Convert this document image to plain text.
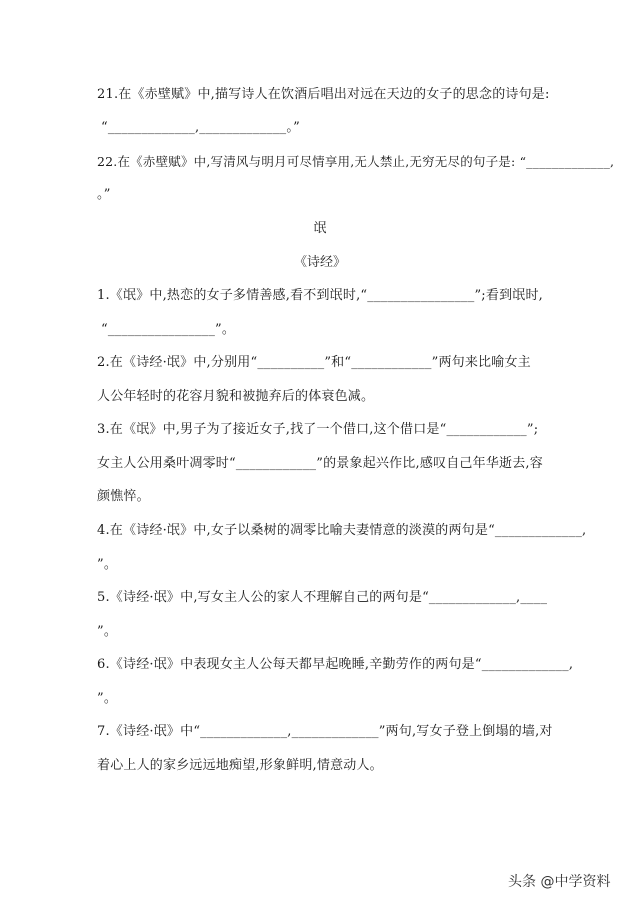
21.在《赤壁赋》中,描写诗人在饮酒后唱出对远在天边的女子的思念的诗句是:
“_____________,_____________。”
22.在《赤壁赋》中,写清风与明月可尽情享用,无人禁止,无穷无尽的句子是: “_____________,
。”
氓
《诗经》
1.《氓》中,热恋的女子多情善感,看不到氓时,“________________”;看到氓时,
“________________”。
2.在《诗经·氓》中,分别用“__________”和“____________”两句来比喻女主
人公年轻时的花容月貌和被抛弃后的体衰色减。
3.在《氓》中,男子为了接近女子,找了一个借口,这个借口是“____________”;
女主人公用桑叶凋零时“____________”的景象起兴作比,感叹自己年华逝去,容
颜憔悴。
4.在《诗经·氓》中,女子以桑树的凋零比喻夫妻情意的淡漠的两句是“_____________,
”。
5.《诗经·氓》中,写女主人公的家人不理解自己的两句是“_____________,____
”。
6.《诗经·氓》中表现女主人公每天都早起晚睡,辛勤劳作的两句是“_____________,
”。
7.《诗经·氓》中“_____________,_____________”两句,写女子登上倒塌的墙,对
着心上人的家乡远远地痴望,形象鲜明,情意动人。
头条 @中学资料
